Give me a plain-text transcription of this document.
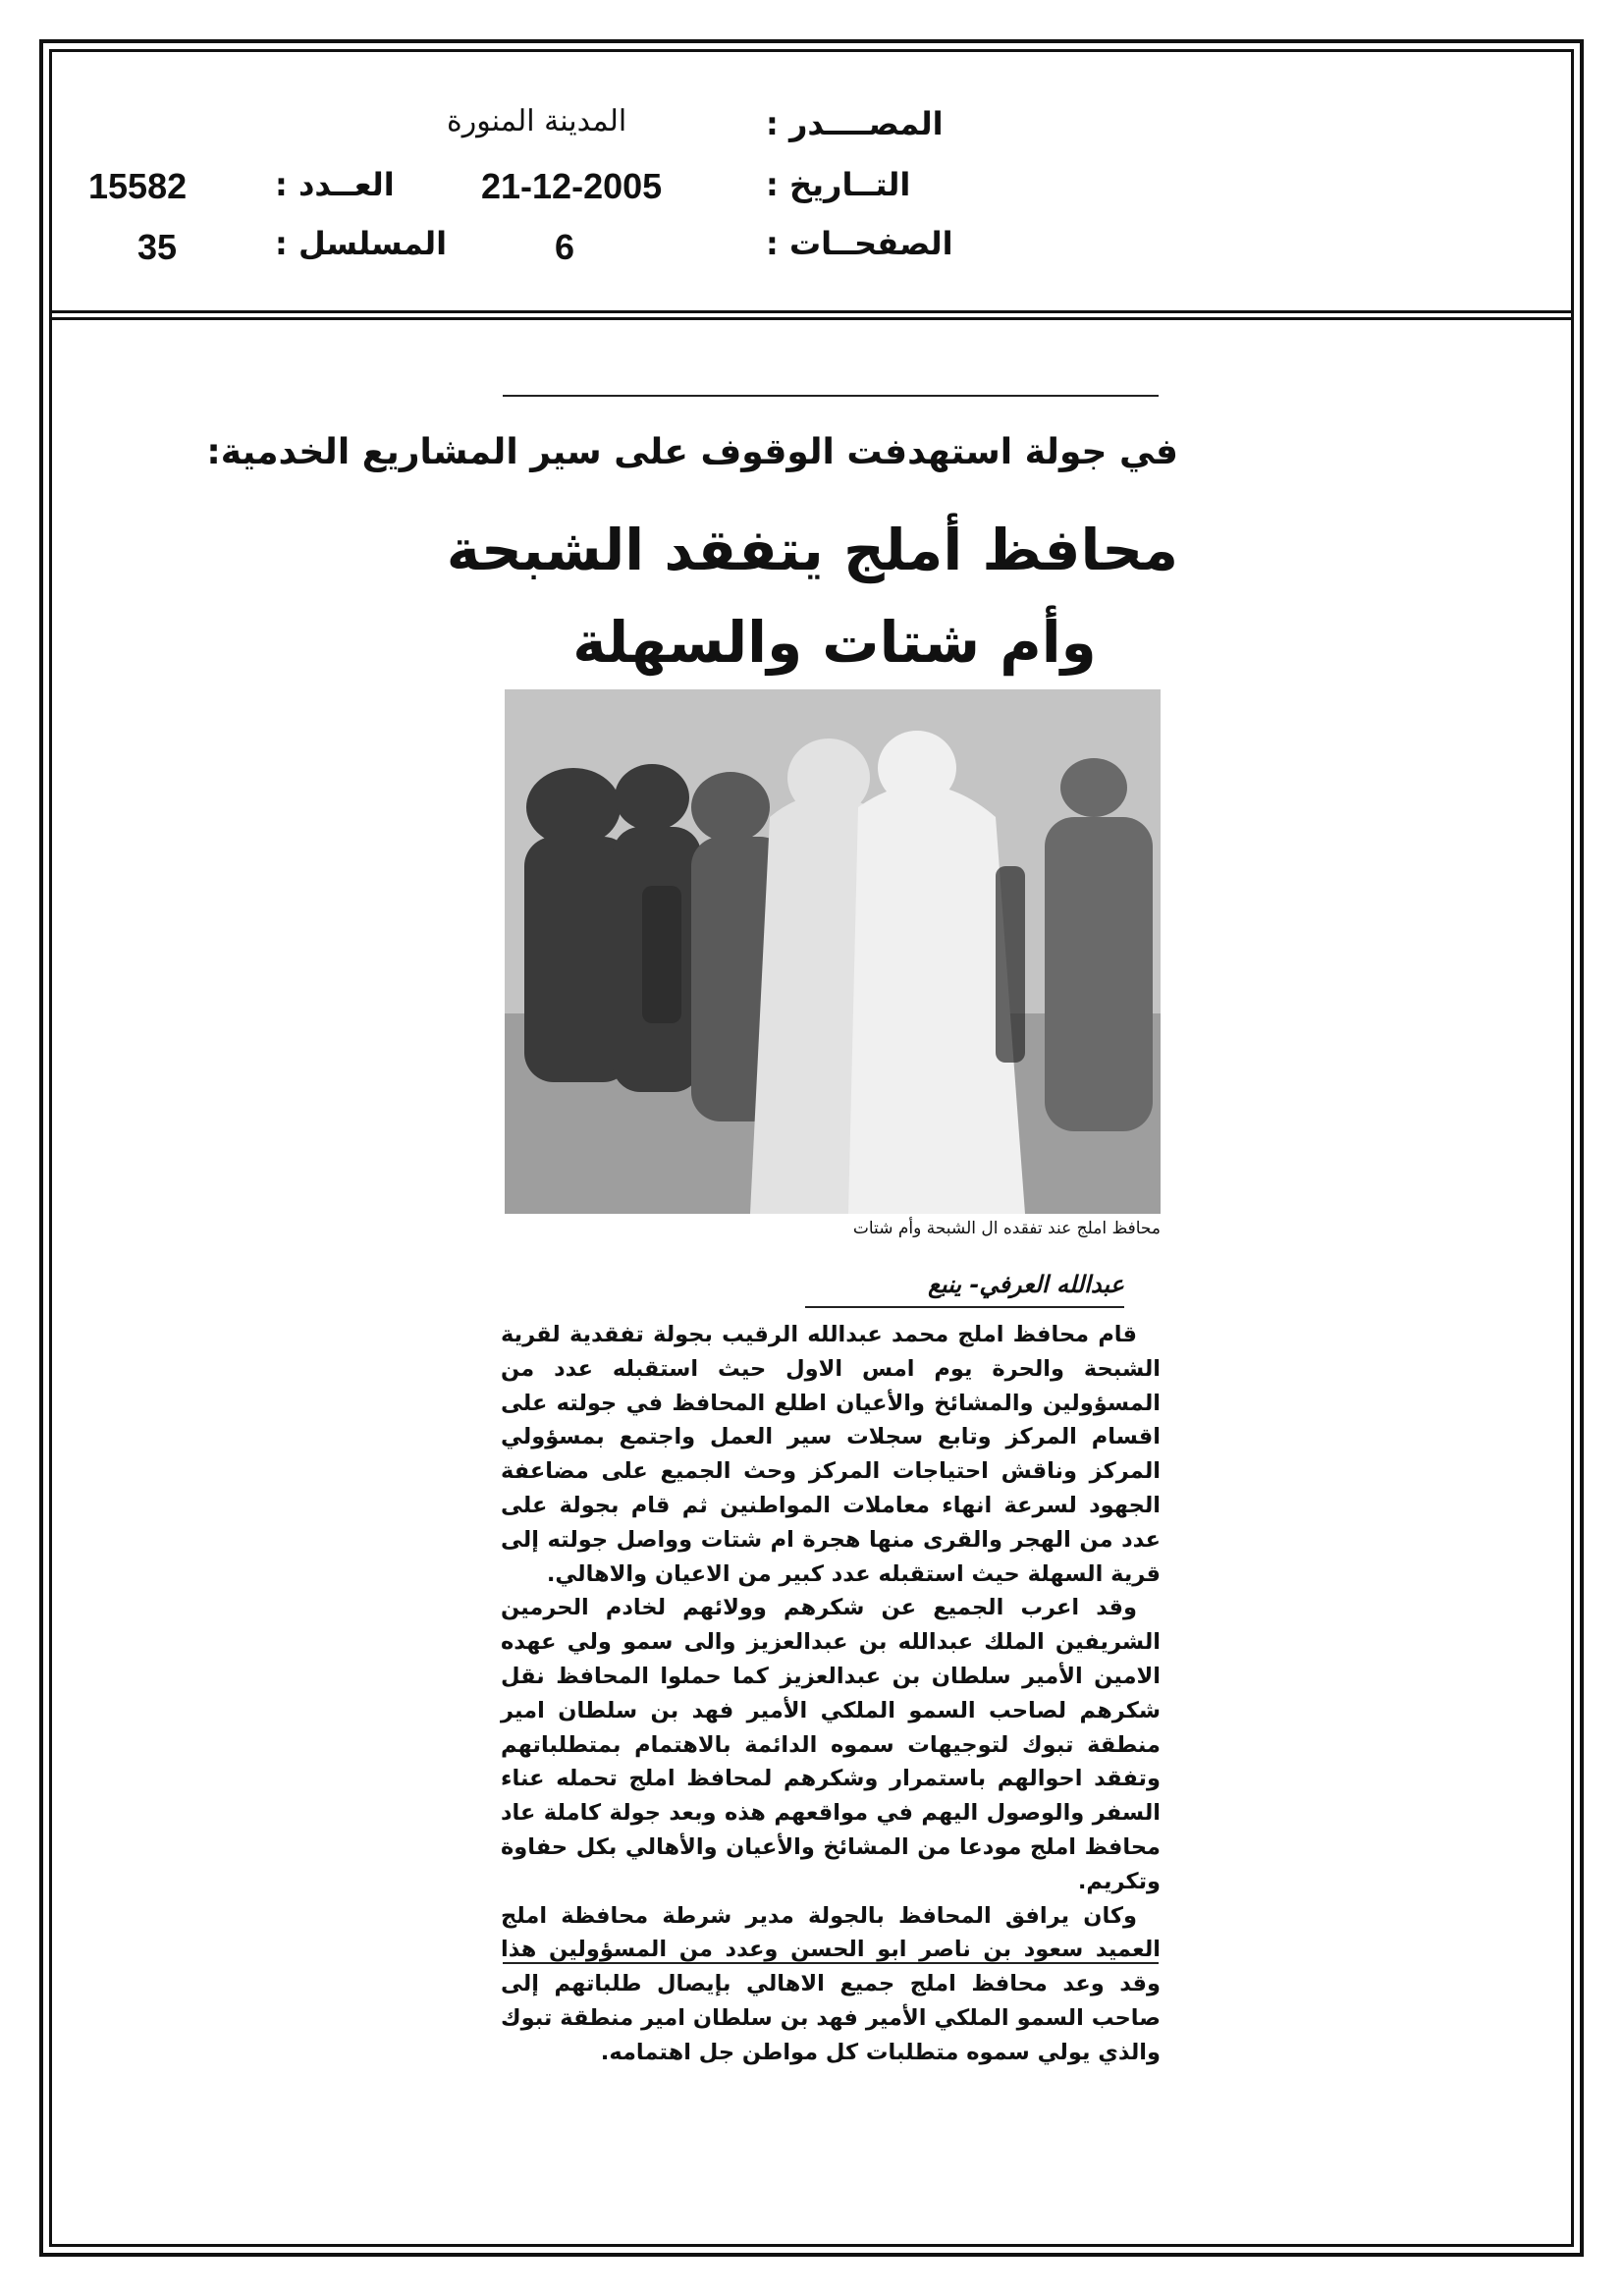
المصــــدر :
المدينة المنورة
التــاريخ :
21-12-2005
العــدد :
15582
الصفحــات :
6
المسلسل :
35
في جولة استهدفت الوقوف على سير المشاريع الخدمية:
محافظ أملج يتفقد الشبحة
وأم شتات والسهلة
محافظ املج عند تفقده ال الشبحة وأم شتات
عبدالله العرفي- ينبع

قام محافظ املج محمد عبدالله الرقيب بجولة تفقدية لقرية الشبحة والحرة يوم امس الاول حيث استقبله عدد من المسؤولين والمشائخ والأعيان اطلع المحافظ في جولته على اقسام المركز وتابع سجلات سير العمل واجتمع بمسؤولي المركز وناقش احتياجات المركز وحث الجميع على مضاعفة الجهود لسرعة انهاء معاملات المواطنين ثم قام بجولة على عدد من الهجر والقرى منها هجرة ام شتات وواصل جولته إلى قرية السهلة حيث استقبله عدد كبير من الاعيان والاهالي.

وقد اعرب الجميع عن شكرهم وولائهم لخادم الحرمين الشريفين الملك عبدالله بن عبدالعزيز والى سمو ولي عهده الامين الأمير سلطان بن عبدالعزيز كما حملوا المحافظ نقل شكرهم لصاحب السمو الملكي الأمير فهد بن سلطان امير منطقة تبوك لتوجيهات سموه الدائمة بالاهتمام بمتطلباتهم وتفقد احوالهم باستمرار وشكرهم لمحافظ املج تحمله عناء السفر والوصول اليهم في مواقعهم هذه وبعد جولة كاملة عاد محافظ املج مودعا من المشائخ والأعيان والأهالي بكل حفاوة وتكريم.

وكان يرافق المحافظ بالجولة مدير شرطة محافظة املج العميد سعود بن ناصر ابو الحسن وعدد من المسؤولين هذا وقد وعد محافظ املج جميع الاهالي بإيصال طلباتهم إلى صاحب السمو الملكي الأمير فهد بن سلطان امير منطقة تبوك والذي يولي سموه متطلبات كل مواطن جل اهتمامه.
